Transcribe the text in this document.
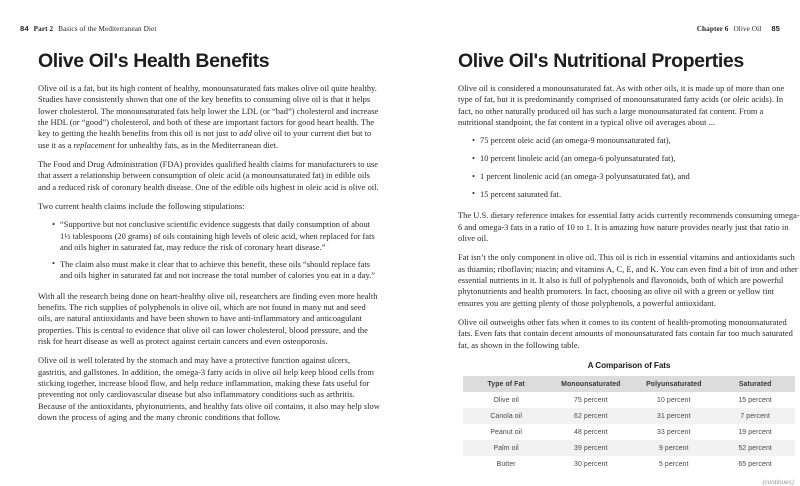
84 Part 2 Basics of the Mediterranean Diet	Chapter 6 Olive Oil 85
Olive Oil's Health Benefits

Olive oil is a fat, but its high content of healthy, monounsaturated fats makes olive oil quite healthy. Studies have consistently shown that one of the key benefits to consuming olive oil is that it helps lower cholesterol. The monounsaturated fats help lower the LDL (or “bad”) cholesterol and increase the HDL (or “good”) cholesterol, and both of these are important factors for good heart health. The key to getting the health benefits from this oil is not just to add olive oil to your current diet but to use it as a replacement for unhealthy fats, as in the Mediterranean diet.

The Food and Drug Administration (FDA) provides qualified health claims for manufacturers to use that assert a relationship between consumption of oleic acid (a monounsaturated fat) in edible oils and a reduced risk of coronary health disease. One of the edible oils highest in oleic acid is olive oil.

Two current health claims include the following stipulations:

• “Supportive but not conclusive scientific evidence suggests that daily consumption of about 1½ tablespoons (20 grams) of oils containing high levels of oleic acid, when replaced for fats and oils higher in saturated fat, may reduce the risk of coronary heart disease.”
• The claim also must make it clear that to achieve this benefit, these oils “should replace fats and oils higher in saturated fat and not increase the total number of calories you eat in a day.”

With all the research being done on heart-healthy olive oil, researchers are finding even more health benefits. The rich supplies of polyphenols in olive oil, which are not found in many nut and seed oils, are natural antioxidants and have been shown to have anti-inflammatory and anticoagulant properties. This is central to evidence that olive oil can lower cholesterol, blood pressure, and the risk for heart disease as well as protect against certain cancers and even osteoporosis.

Olive oil is well tolerated by the stomach and may have a protective function against ulcers, gastritis, and gallstones. In addition, the omega-3 fatty acids in olive oil help keep blood cells from sticking together, increase blood flow, and help reduce inflammation, making these fats useful for preventing not only cardiovascular disease but also inflammatory conditions such as arthritis. Because of the antioxidants, phytonutrients, and healthy fats olive oil contains, it also may help slow down the process of aging and the many chronic conditions that follow.

Olive Oil's Nutritional Properties

Olive oil is considered a monounsaturated fat. As with other oils, it is made up of more than one type of fat, but it is predominantly comprised of monounsaturated fatty acids (or oleic acids). In fact, no other naturally produced oil has such a large monounsaturated fat content. From a nutritional standpoint, the fat content in a typical olive oil averages about ...

• 75 percent oleic acid (an omega-9 monounsaturated fat),
• 10 percent linoleic acid (an omega-6 polyunsaturated fat),
• 1 percent linolenic acid (an omega-3 polyunsaturated fat), and
• 15 percent saturated fat.

The U.S. dietary reference intakes for essential fatty acids currently recommends consuming omega-6 and omega-3 fats in a ratio of 10 to 1. It is amazing how nature provides nearly just that ratio in olive oil.

Fat isn’t the only component in olive oil. This oil is rich in essential vitamins and antioxidants such as thiamin; riboflavin; niacin; and vitamins A, C, E, and K. You can even find a bit of iron and other essential nutrients in it. It also is full of polyphenols and flavonoids, both of which are powerful phytonutrients and health promoters. In fact, choosing an olive oil with a green or yellow tint ensures you are getting plenty of those polyphenols, a powerful antioxidant.

Olive oil outweighs other fats when it comes to its content of health-promoting monounsaturated fats. Even fats that contain decent amounts of monounsaturated fats contain far too much saturated fat, as shown in the following table.

A Comparison of Fats
Type of Fat	Monounsaturated	Polyunsaturated	Saturated
Olive oil	75 percent	10 percent	15 percent
Canola oil	62 percent	31 percent	7 percent
Peanut oil	48 percent	33 percent	19 percent
Palm oil	39 percent	9 percent	52 percent
Butter	30 percent	5 percent	65 percent
(continues)
